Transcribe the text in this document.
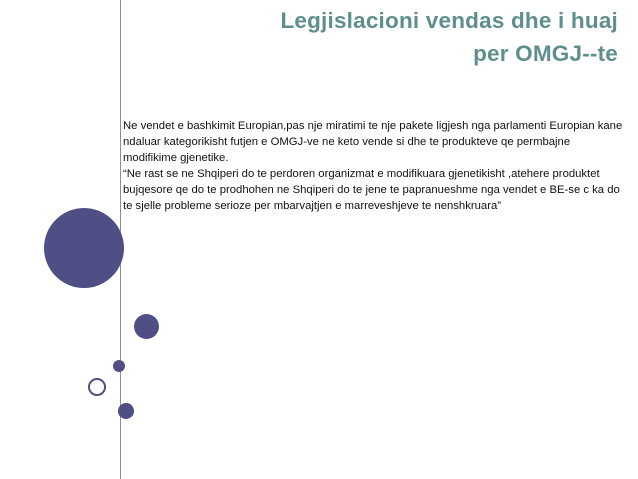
Legjislacioni vendas dhe i huaj
per OMGJ--te

Ne vendet e bashkimit Europian,pas nje miratimi te nje pakete ligjesh nga parlamenti Europian kane ndaluar kategorikisht futjen e OMGJ-ve ne keto vende si dhe te produkteve qe permbajne modifikime gjenetike.

“Ne rast se ne Shqiperi do te perdoren organizmat e modifikuara gjenetikisht ,atehere produktet bujqesore qe do te prodhohen ne Shqiperi do te jene te papranueshme nga vendet e BE-se c ka do te sjelle probleme serioze per mbarvajtjen e marreveshjeve te nenshkruara”
